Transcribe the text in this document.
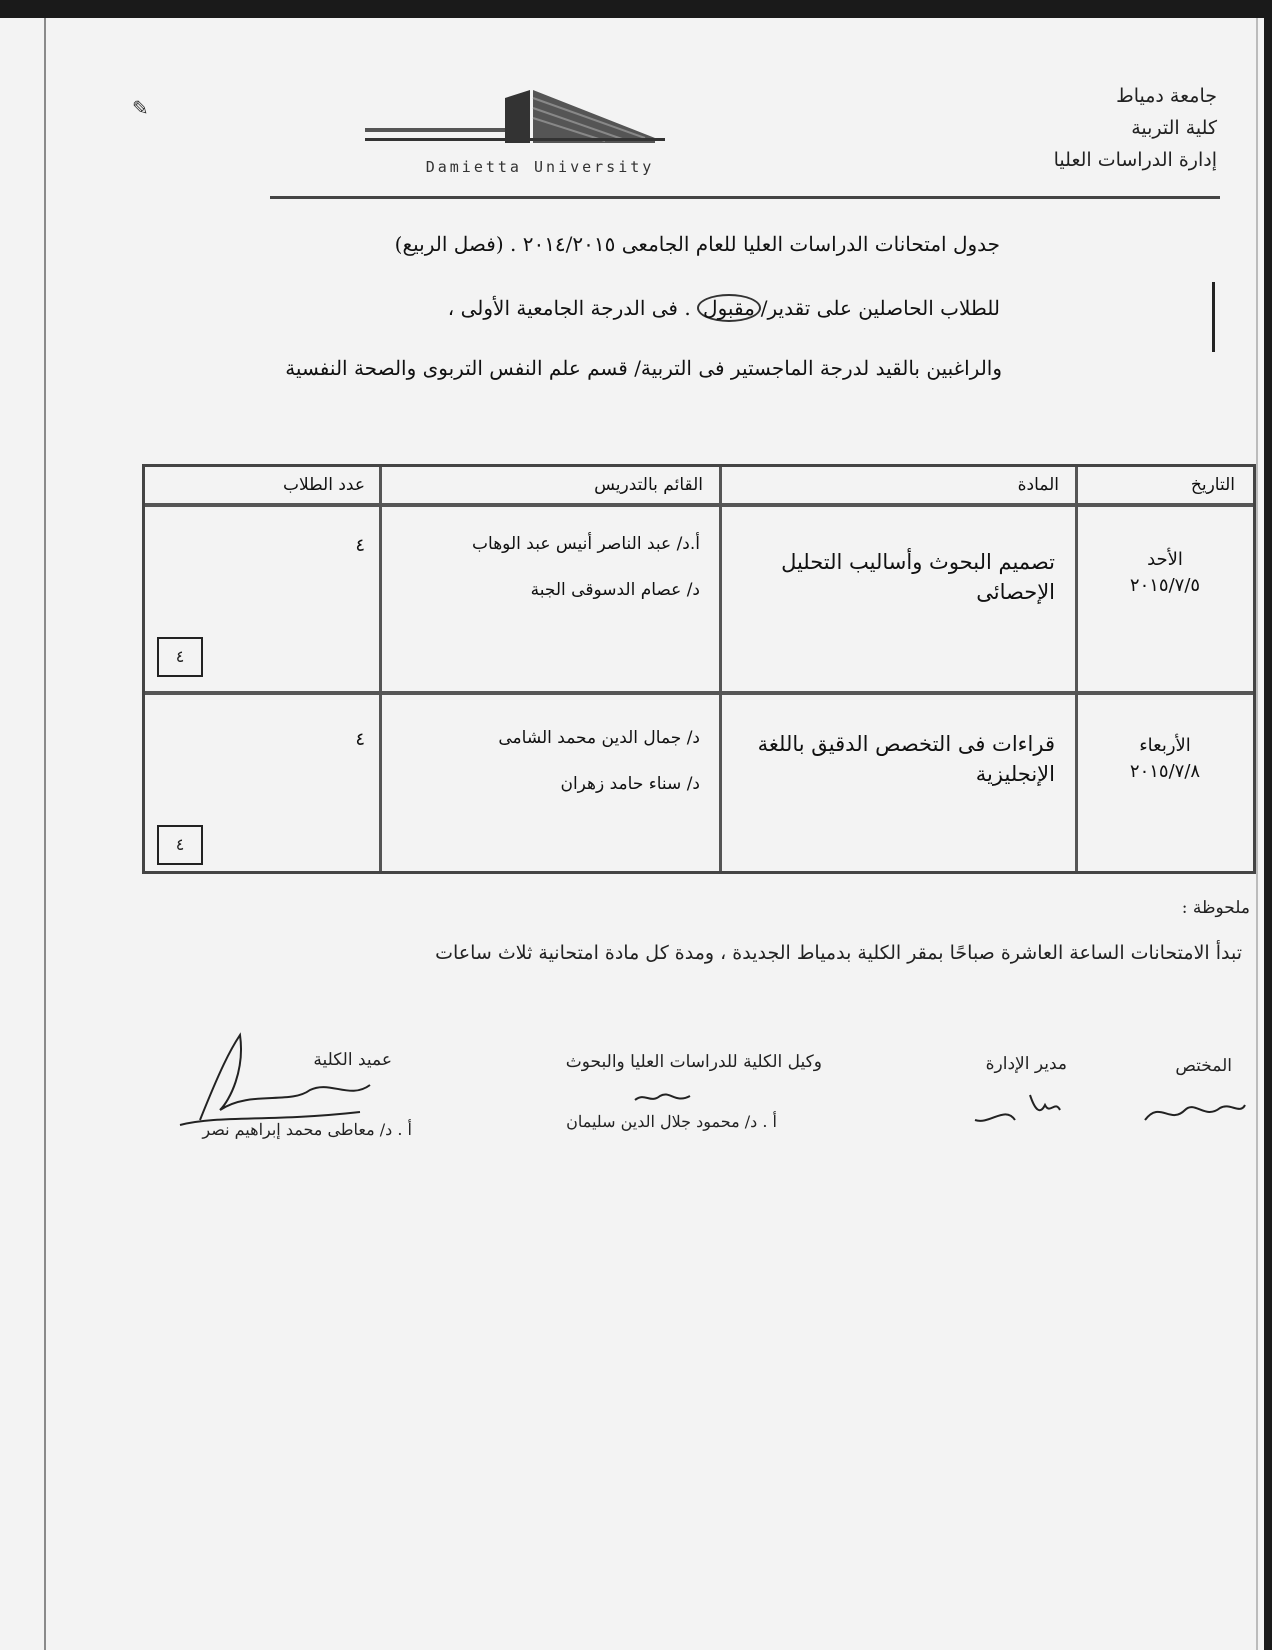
✎	جامعة دمياط
كلية التربية
إدارة الدراسات العليا
Damietta University
جدول امتحانات الدراسات العليا للعام الجامعى ٢٠١٤/٢٠١٥ . (فصل الربيع)
للطلاب الحاصلين على تقدير/مقبول . فى الدرجة الجامعية الأولى ،
والراغبين بالقيد لدرجة الماجستير فى التربية/ قسم علم النفس التربوى والصحة النفسية
التاريخ
المادة
القائم بالتدريس
عدد الطلاب
الأحد
٢٠١٥/٧/٥
تصميم البحوث وأساليب التحليل الإحصائى
أ.د/ عبد الناصر أنيس عبد الوهاب
د/ عصام الدسوقى الجبة
٤
٤
الأربعاء
٢٠١٥/٧/٨
قراءات فى التخصص الدقيق باللغة الإنجليزية
د/ جمال الدين محمد الشامى
د/ سناء حامد زهران
٤
٤
ملحوظة :
تبدأ الامتحانات الساعة العاشرة صباحًا بمقر الكلية بدمياط الجديدة ، ومدة كل مادة امتحانية ثلاث ساعات
المختص
مدير الإدارة
وكيل الكلية للدراسات العليا والبحوث
عميد الكلية
أ . د/ محمود جلال الدين سليمان
أ . د/ معاطى محمد إبراهيم نصر
